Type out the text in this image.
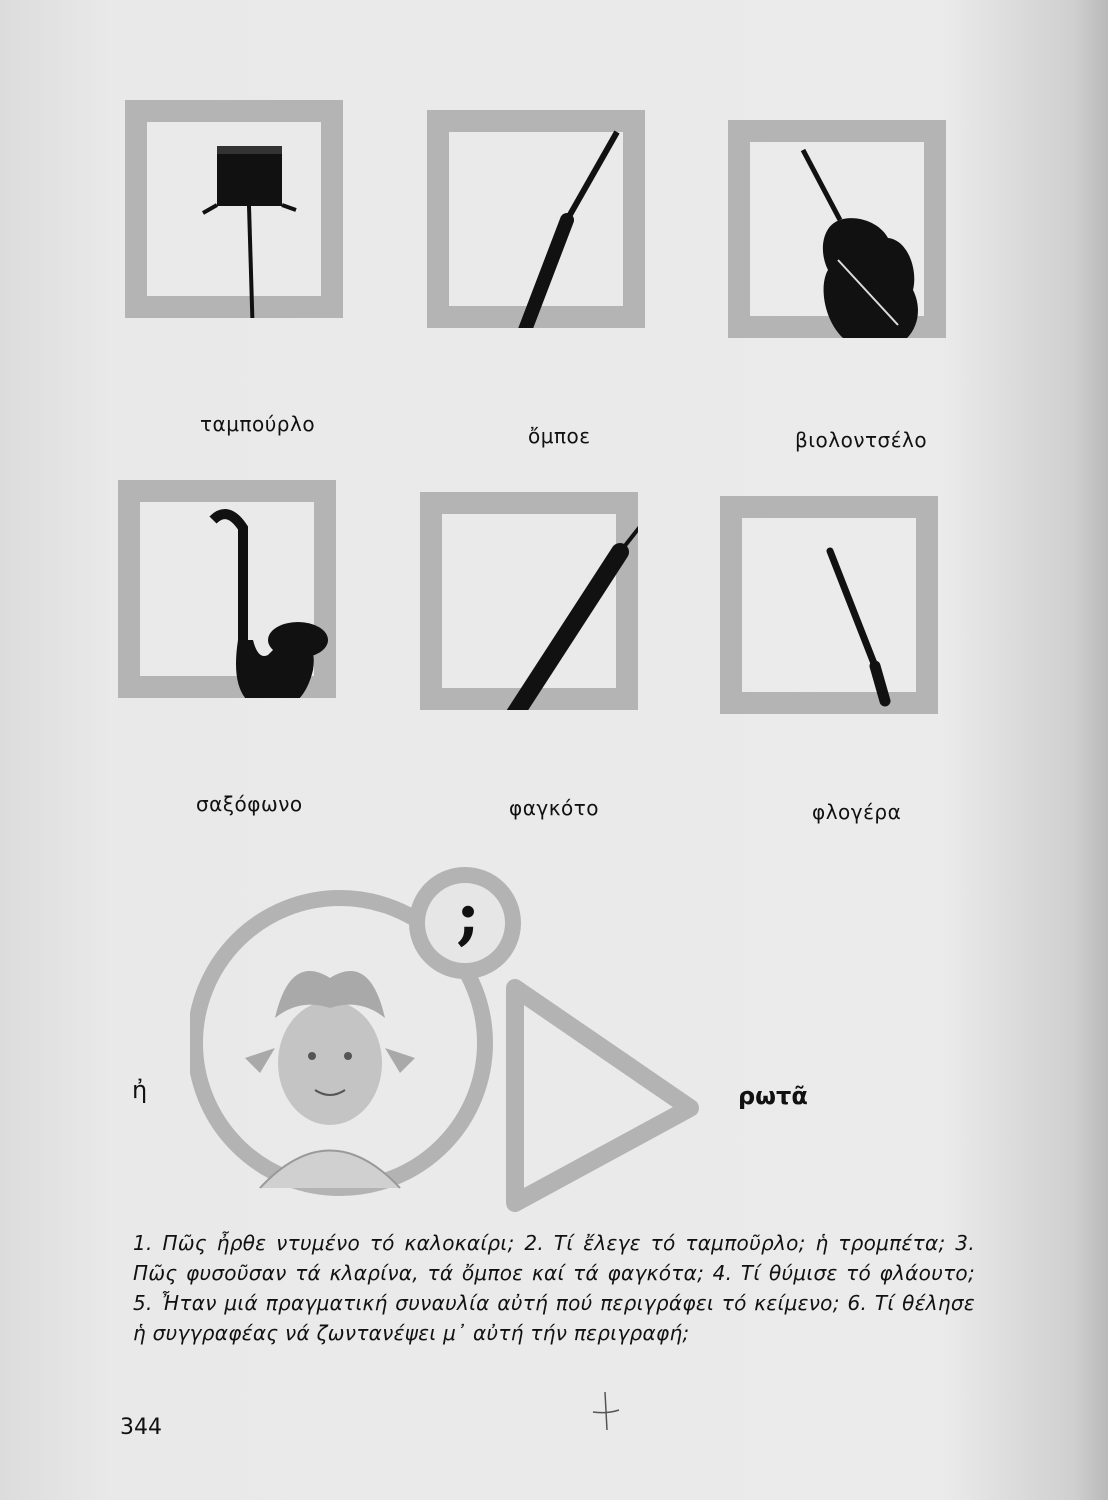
ταμπούρλο	ὄμποε	βιολοντσέλο
σαξόφωνο	φαγκότο	φλογέρα
;
ἠ	ρωτᾶ
1. Πῶς ἦρθε ντυμένο τό καλοκαίρι; 2. Τί ἔλεγε τό ταμποῦρλο; ἡ τρομπέτα; 3. Πῶς φυσοῦσαν τά κλαρίνα, τά ὄμποε καί τά φαγκότα; 4. Τί θύμισε τό φλάουτο; 5. Ἦταν μιά πραγματική συναυλία αὐτή πού περιγράφει τό κείμενο; 6. Τί θέλησε ἡ συγγραφέας νά ζωντανέψει μ᾿ αὐτή τήν περιγραφή;
344
